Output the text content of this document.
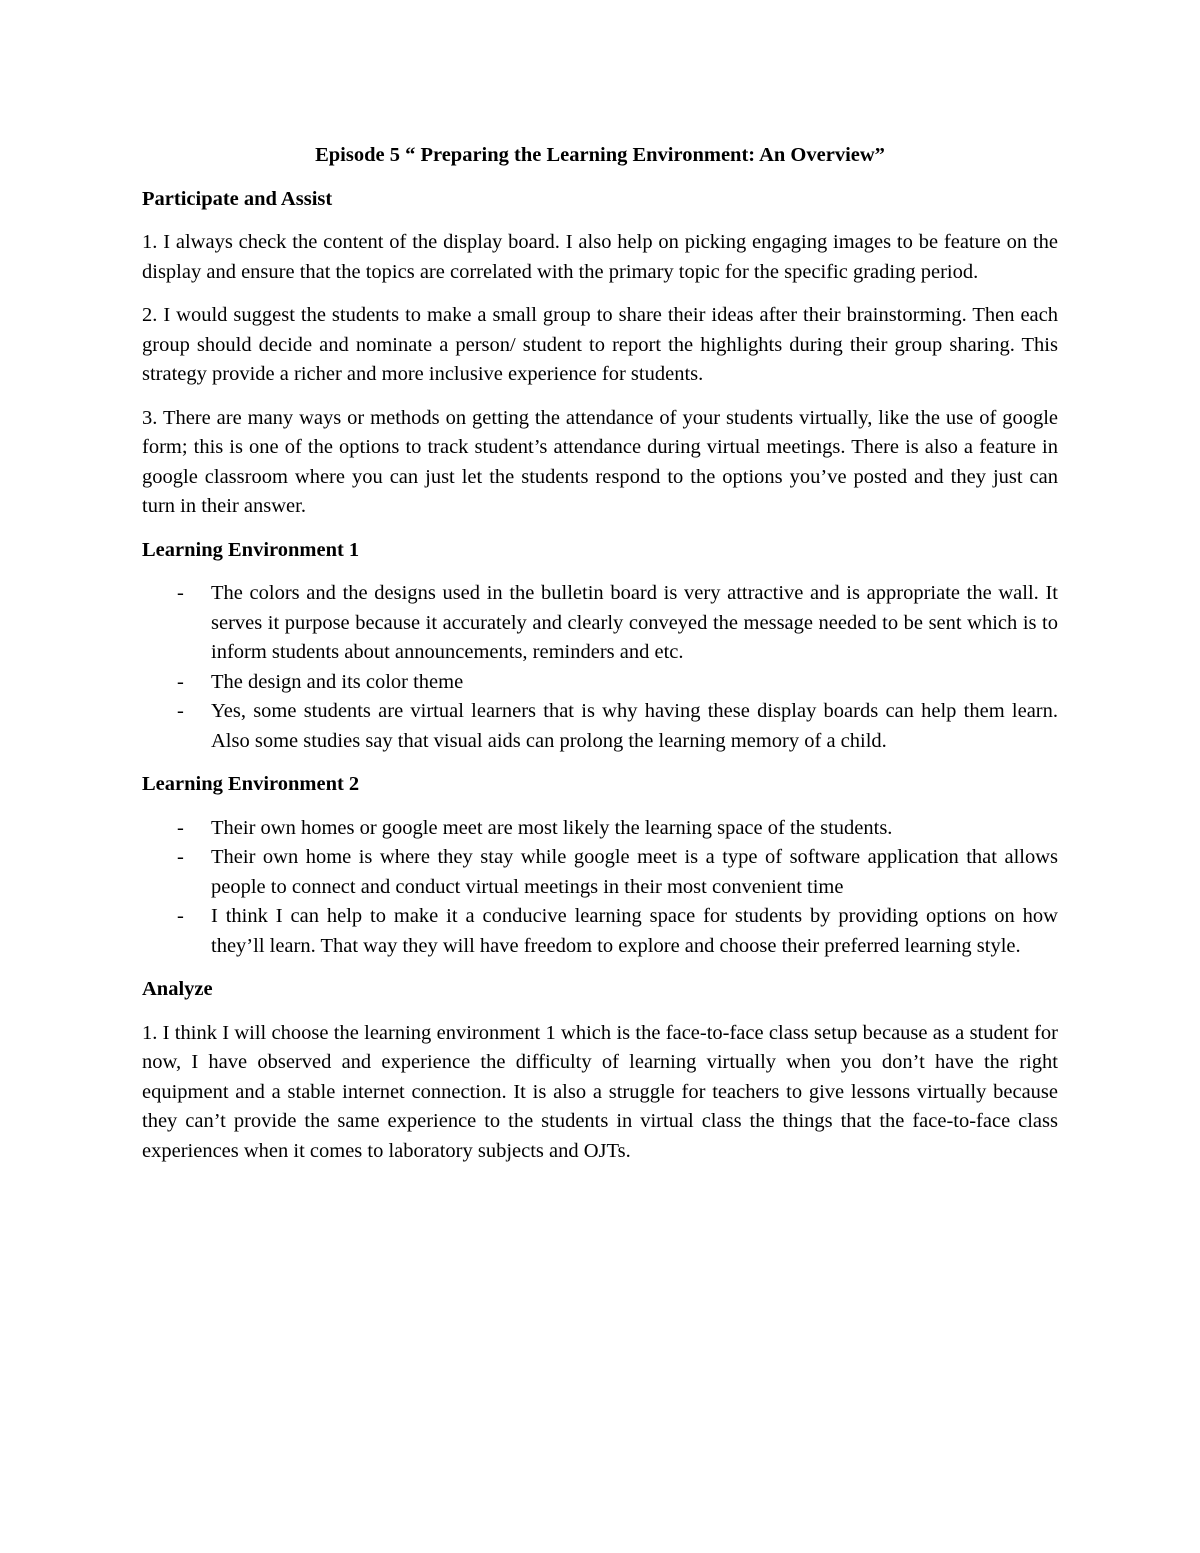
Episode 5 “ Preparing the Learning Environment: An Overview”
Participate and Assist
1. I always check the content of the display board. I also help on picking engaging images to be feature on the display and ensure that the topics are correlated with the primary topic for the specific grading period.
2. I would suggest the students to make a small group to share their ideas after their brainstorming. Then each group should decide and nominate a person/ student to report the highlights during their group sharing. This strategy provide a richer and more inclusive experience for students.
3. There are many ways or methods on getting the attendance of your students virtually, like the use of google form; this is one of the options to track student’s attendance during virtual meetings. There is also a feature in google classroom where you can just let the students respond to the options you’ve posted and they just can turn in their answer.
Learning Environment 1
- The colors and the designs used in the bulletin board is very attractive and is appropriate the wall. It serves it purpose because it accurately and clearly conveyed the message needed to be sent which is to inform students about announcements, reminders and etc.
- The design and its color theme
- Yes, some students are virtual learners that is why having these display boards can help them learn. Also some studies say that visual aids can prolong the learning memory of a child.
Learning Environment 2
- Their own homes or google meet are most likely the learning space of the students.
- Their own home is where they stay while google meet is a type of software application that allows people to connect and conduct virtual meetings in their most convenient time
- I think I can help to make it a conducive learning space for students by providing options on how they’ll learn. That way they will have freedom to explore and choose their preferred learning style.
Analyze
1. I think I will choose the learning environment 1 which is the face-to-face class setup because as a student for now, I have observed and experience the difficulty of learning virtually when you don’t have the right equipment and a stable internet connection. It is also a struggle for teachers to give lessons virtually because they can’t provide the same experience to the students in virtual class the things that the face-to-face class experiences when it comes to laboratory subjects and OJTs.
